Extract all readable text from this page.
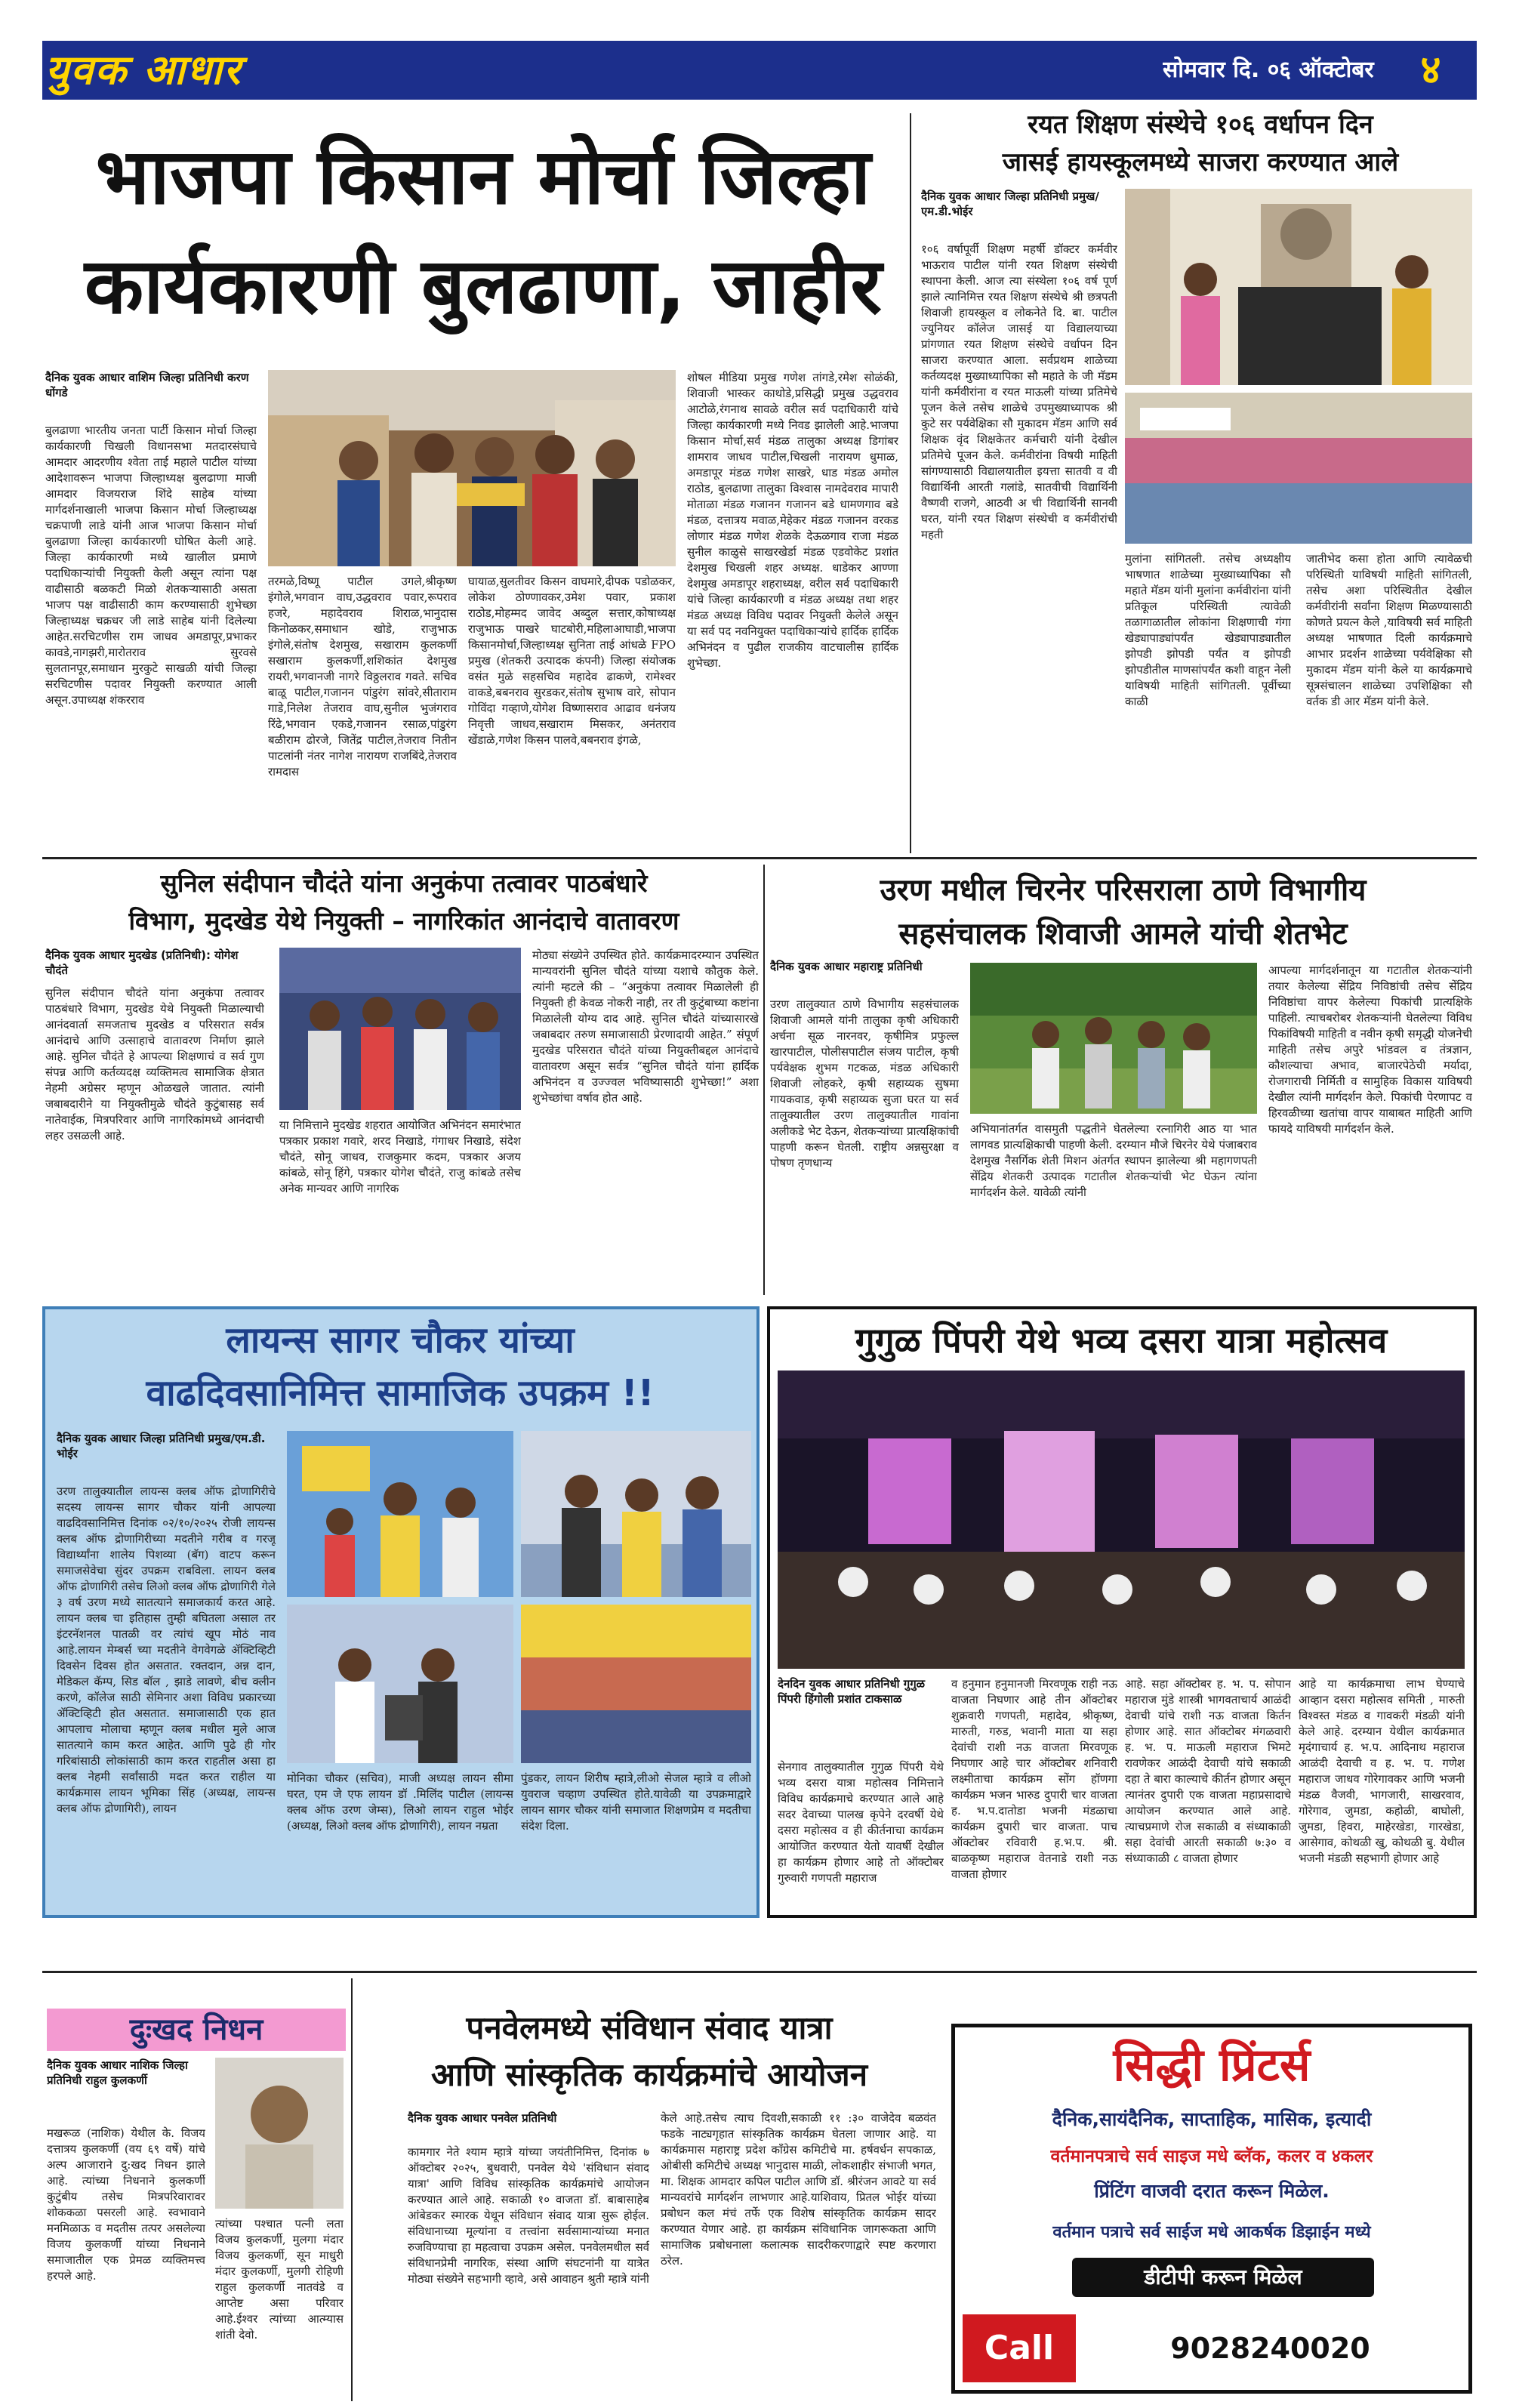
युवक आधार	सोमवार दि. ०६ ऑक्टोबर	४
भाजपा किसान मोर्चा जिल्हा
कार्यकारणी बुलढाणा, जाहीर
दैनिक युवक आधार वाशिम जिल्हा प्रतिनिधी करण धोंगडे
बुलढाणा भारतीय जनता पार्टी किसान मोर्चा जिल्हा कार्यकारणी चिखली विधानसभा मतदारसंघाचे आमदार आदरणीय श्वेता ताई महाले पाटील यांच्या आदेशावरून भाजपा जिल्हाध्यक्ष बुलढाणा माजी आमदार विजयराज शिंदे साहेब यांच्या मार्गदर्शनाखाली भाजपा किसान मोर्चा जिल्हाध्यक्ष चक्रपाणी लाडे यांनी आज भाजपा किसान मोर्चा बुलढाणा जिल्हा कार्यकारणी घोषित केली आहे. जिल्हा कार्यकारणी मध्ये खालील प्रमाणे पदाधिकाऱ्यांची नियुक्ती केली असून त्यांना पक्ष वाढीसाठी बळकटी मिळो शेतकऱ्यासाठी असता भाजप पक्ष वाढीसाठी काम करण्यासाठी शुभेच्छा जिल्हाध्यक्ष चक्रधर जी लाडे साहेब यांनी दिलेल्या आहेत.सरचिटणीस राम जाधव अमडापूर,प्रभाकर कावडे,नागझरी,मारोतराव सुरवसे सुलतानपूर,समाधान मुरकुटे साखळी यांची जिल्हा सरचिटणीस पदावर नियुक्ती करण्यात आली असून.उपाध्यक्ष शंकरराव
तरमळे,विष्णू पाटील उगले,श्रीकृष्ण इंगोले,भगवान वाघ,उद्धवराव पवार,रूपराव हजरे, महादेवराव शिराळ,भानुदास किनोळकर,समाधान खोडे, राजुभाऊ इंगोले,संतोष देशमुख, सखाराम कुलकर्णी सखाराम कुलकर्णी,शशिकांत देशमुख रायरी,भगवानजी नागरे विठ्ठलराव गवते. सचिव बाळू पाटील,गजानन पांडुरंग सांवरे,सीताराम गाडे,निलेश तेजराव वाघ,सुनील भुजंगराव रिंढे,भगवान एकडे,गजानन रसाळ,पांडुरंग बळीराम ढोरजे, जितेंद्र पाटील,तेजराव नितीन पाटलांनी नंतर नागेश नारायण राजबिंदे,तेजराव रामदास
घायाळ,सुलतीवर किसन वाघमारे,दीपक पडोळकर, लोकेश ठोण्णावकर,उमेश पवार, प्रकाश राठोड,मोहम्मद जावेद अब्दुल सत्तार,कोषाध्यक्ष राजुभाऊ पाखरे घाटबोरी,महिलाआघाडी,भाजपा किसानमोर्चा,जिल्हाध्यक्ष सुनिता ताई आंधळे FPO प्रमुख (शेतकरी उत्पादक कंपनी) जिल्हा संयोजक वसंत मुळे सहसचिव महादेव ढाकणे, रामेश्वर वाकडे,बबनराव सुरडकर,संतोष सुभाष वारे, सोपान गोविंदा गव्हाणे,योगेश विष्णासराव आढाव धनंजय निवृत्ती जाधव,सखाराम मिसकर, अनंतराव खेंडाळे,गणेश किसन पालवे,बबनराव इंगळे,
शोषल मीडिया प्रमुख गणेश तांगडे,रमेश सोळंकी, शिवाजी भास्कर काथोडे,प्रसिद्धी प्रमुख उद्धवराव आटोळे,रंगनाथ सावळे वरील सर्व पदाधिकारी यांचे जिल्हा कार्यकारणी मध्ये निवड झालेली आहे.भाजपा किसान मोर्चा,सर्व मंडळ तालुका अध्यक्ष डिगांबर शामराव जाधव पाटील,चिखली नारायण धुमाळ, अमडापूर मंडळ गणेश साखरे, धाड मंडळ अमोल राठोड, बुलढाणा तालुका विश्वास नामदेवराव मापारी मोताळा मंडळ गजानन गजानन बडे धामणगाव बडे मंडळ, दत्तात्रय मवाळ,मेहेकर मंडळ गजानन वरकड लोणार मंडळ गणेश शेळके देऊळगाव राजा मंडळ सुनील काळुसे साखरखेर्डा मंडळ एडवोकेट प्रशांत देशमुख चिखली शहर अध्यक्ष. धाडेकर आण्णा देशमुख अमडापूर शहराध्यक्ष, वरील सर्व पदाधिकारी यांचे जिल्हा कार्यकारणी व मंडळ अध्यक्ष तथा शहर मंडळ अध्यक्ष विविध पदावर नियुक्ती केलेले असून या सर्व पद नवनियुक्त पदाधिकाऱ्यांचे हार्दिक हार्दिक अभिनंदन व पुढील राजकीय वाटचालीस हार्दिक शुभेच्छा.
रयत शिक्षण संस्थेचे १०६ वर्धापन दिन
जासई हायस्कूलमध्ये साजरा करण्यात आले
दैनिक युवक आधार जिल्हा प्रतिनिधी प्रमुख/ एम.डी.भोईर
१०६ वर्षापूर्वी शिक्षण महर्षी डॉक्टर कर्मवीर भाऊराव पाटील यांनी रयत शिक्षण संस्थेची स्थापना केली. आज त्या संस्थेला १०६ वर्ष पूर्ण झाले त्यानिमित्त रयत शिक्षण संस्थेचे श्री छत्रपती शिवाजी हायस्कूल व लोकनेते दि. बा. पाटील ज्युनियर कॉलेज जासई या विद्यालयाच्या प्रांगणात रयत शिक्षण संस्थेचे वर्धापन दिन साजरा करण्यात आला. सर्वप्रथम शाळेच्या कर्तव्यदक्ष मुख्याध्यापिका सौ महाते के जी मॅडम यांनी कर्मवीरांना व रयत माऊली यांच्या प्रतिमेचे पूजन केले तसेच शाळेचे उपमुख्याध्यापक श्री कुटे सर पर्यवेक्षिका सौ मुकादम मॅडम आणि सर्व शिक्षक वृंद शिक्षकेतर कर्मचारी यांनी देखील प्रतिमेचे पूजन केले. कर्मवीरांना विषयी माहिती सांगण्यासाठी विद्यालयातील इयत्ता सातवी व वी विद्यार्थिनी आरती गलांडे, सातवीची विद्यार्थिनी वैष्णवी राजगे, आठवी अ ची विद्यार्थिनी सानवी घरत, यांनी रयत शिक्षण संस्थेची व कर्मवीरांची महती
मुलांना सांगितली. तसेच अध्यक्षीय भाषणात शाळेच्या मुख्याध्यापिका सौ महाते मॅडम यांनी मुलांना कर्मवीरांना यांनी प्रतिकूल परिस्थिती त्यावेळी तळागाळातील लोकांना शिक्षणाची गंगा खेड्यापाड्यांपर्यंत खेड्यापाड्यातील झोपडी झोपडी पर्यंत व झोपडी झोपडीतील माणसांपर्यंत कशी वाहून नेली याविषयी माहिती सांगितली. पूर्वीच्या काळी
जातीभेद कसा होता आणि त्यावेळची परिस्थिती याविषयी माहिती सांगितली, तसेच अशा परिस्थितीत देखील कर्मवीरांनी सर्वांना शिक्षण मिळण्यासाठी कोणते प्रयत्न केले ,याविषयी सर्व माहिती अध्यक्ष भाषणात दिली कार्यक्रमाचे आभार प्रदर्शन शाळेच्या पर्यवेक्षिका सौ मुकादम मॅडम यांनी केले या कार्यक्रमाचे सूत्रसंचालन शाळेच्या उपशिक्षिका सौ वर्तक डी आर मॅडम यांनी केले.
सुनिल संदीपान चौदंते यांना अनुकंपा तत्वावर पाठबंधारे
विभाग, मुदखेड येथे नियुक्ती – नागरिकांत आनंदाचे वातावरण
दैनिक युवक आधार मुदखेड (प्रतिनिधी): योगेश चौदंते
सुनिल संदीपान चौदंते यांना अनुकंपा तत्वावर पाठबंधारे विभाग, मुदखेड येथे नियुक्ती मिळाल्याची आनंदवार्ता समजताच मुदखेड व परिसरात सर्वत्र आनंदाचे आणि उत्साहाचे वातावरण निर्माण झाले आहे. सुनिल चौदंते हे आपल्या शिक्षणाचं व सर्व गुण संपन्न आणि कर्तव्यदक्ष व्यक्तिमत्व सामाजिक क्षेत्रात नेहमी अग्रेसर म्हणून ओळखले जातात. त्यांनी जबाबदारीने या नियुक्तीमुळे चौदंते कुटुंबासह सर्व नातेवाईक, मित्रपरिवार आणि नागरिकांमध्ये आनंदाची लहर उसळली आहे.
या निमित्ताने मुदखेड शहरात आयोजित अभिनंदन समारंभात पत्रकार प्रकाश गवारे, शरद निखाडे, गंगाधर निखाडे, संदेश चौदंते, सोनू जाधव, राजकुमार कदम, पत्रकार अजय कांबळे, सोनू हिंगे, पत्रकार योगेश चौदंते, राजु कांबळे तसेच अनेक मान्यवर आणि नागरिक
मोठ्या संख्येने उपस्थित होते. कार्यक्रमादरम्यान उपस्थित मान्यवरांनी सुनिल चौदंते यांच्या यशाचे कौतुक केले. त्यांनी म्हटले की – “अनुकंपा तत्वावर मिळालेली ही नियुक्ती ही केवळ नोकरी नाही, तर ती कुटुंबाच्या कष्टांना मिळालेली योग्य दाद आहे. सुनिल चौदंते यांच्यासारखे जबाबदार तरुण समाजासाठी प्रेरणादायी आहेत.” संपूर्ण मुदखेड परिसरात चौदंते यांच्या नियुक्तीबद्दल आनंदाचे वातावरण असून सर्वत्र “सुनिल चौदंते यांना हार्दिक अभिनंदन व उज्ज्वल भविष्यासाठी शुभेच्छा!” अशा शुभेच्छांचा वर्षाव होत आहे.
उरण मधील चिरनेर परिसराला ठाणे विभागीय
सहसंचालक शिवाजी आमले यांची शेतभेट
दैनिक युवक आधार महाराष्ट्र प्रतिनिधी
उरण तालुक्यात ठाणे विभागीय सहसंचालक शिवाजी आमले यांनी तालुका कृषी अधिकारी अर्चना सूळ नारनवर, कृषीमित्र प्रफुल्ल खारपाटील, पोलीसपाटील संजय पाटील, कृषी पर्यवेक्षक शुभम गटकळ, मंडळ अधिकारी शिवाजी लोहकरे, कृषी सहाय्यक सुषमा गायकवाड, कृषी सहाय्यक सुजा घरत या सर्व तालुक्यातील उरण तालुक्यातील गावांना अलीकडे भेट देऊन, शेतकऱ्यांच्या प्रात्यक्षिकांची पाहणी करून घेतली. राष्ट्रीय अन्नसुरक्षा व पोषण तृणधान्य
अभियानांतर्गत वासमुती पद्धतीने घेतलेल्या रत्नागिरी आठ या भात लागवड प्रात्यक्षिकाची पाहणी केली. दरम्यान मौजे चिरनेर येथे पंजाबराव देशमुख नैसर्गिक शेती मिशन अंतर्गत स्थापन झालेल्या श्री महागणपती सेंद्रिय शेतकरी उत्पादक गटातील शेतकऱ्यांची भेट घेऊन त्यांना मार्गदर्शन केले. यावेळी त्यांनी
आपल्या मार्गदर्शनातून या गटातील शेतकऱ्यांनी तयार केलेल्या सेंद्रिय निविष्ठांची तसेच सेंद्रिय निविष्ठांचा वापर केलेल्या पिकांची प्रात्यक्षिके पाहिली. त्याचबरोबर शेतकऱ्यांनी घेतलेल्या विविध पिकांविषयी माहिती व नवीन कृषी समृद्धी योजनेची माहिती तसेच अपुरे भांडवल व तंत्रज्ञान, कौशल्याचा अभाव, बाजारपेठेची मर्यादा, रोजगाराची निर्मिती व सामुहिक विकास याविषयी देखील त्यांनी मार्गदर्शन केले. पिकांची पेरणापट व हिरवळीच्या खतांचा वापर याबाबत माहिती आणि फायदे याविषयी मार्गदर्शन केले.
लायन्स सागर चौकर यांच्या
वाढदिवसानिमित्त सामाजिक उपक्रम !!
दैनिक युवक आधार जिल्हा प्रतिनिधी प्रमुख/एम.डी. भोईर
उरण तालुक्यातील लायन्स क्लब ऑफ द्रोणागिरीचे सदस्य लायन्स सागर चौकर यांनी आपल्या वाढदिवसानिमित्त दिनांक ०२/१०/२०२५ रोजी लायन्स क्लब ऑफ द्रोणागिरीच्या मदतीने गरीब व गरजू विद्यार्थ्यांना शालेय पिशव्या (बॅग) वाटप करून समाजसेवेचा सुंदर उपक्रम राबविला. लायन क्लब ऑफ द्रोणागिरी तसेच लिओ क्लब ऑफ द्रोणागिरी गेले ३ वर्ष उरण मध्ये सातत्याने समाजकार्य करत आहे. लायन क्लब चा इतिहास तुम्ही बघितला असाल तर इंटरनॅशनल पातळी वर त्यांचं खूप मोठं नाव आहे.लायन मेम्बर्स च्या मदतीने वेगवेगळे ॲक्टिव्हिटी दिवसेन दिवस होत असतात. रक्तदान, अन्न दान, मेडिकल कॅम्प, सिड बॉल , झाडे लावणे, बीच क्लीन करणे, कॉलेज साठी सेमिनार अशा विविध प्रकारच्या ॲक्टिव्हिटी होत असतात. समाजासाठी एक हात आपलाच मोलाचा म्हणून क्लब मधील मुले आज सातत्याने काम करत आहेत. आणि पुढे ही गोर गरिबांसाठी लोकांसाठी काम करत राहतील असा हा क्लब नेहमी सर्वांसाठी मदत करत राहील या कार्यक्रमास लायन भूमिका सिंह (अध्यक्ष, लायन्स क्लब ऑफ द्रोणागिरी), लायन
मोनिका चौकर (सचिव), माजी अध्यक्ष लायन सीमा घरत, एम जे एफ लायन डॉ .मिलिंद पाटील (लायन्स क्लब ऑफ उरण जेम्स), लिओ लायन राहुल भोईर (अध्यक्ष, लिओ क्लब ऑफ द्रोणागिरी), लायन नम्रता
पुंडकर, लायन शिरीष म्हात्रे,लीओ सेजल म्हात्रे व लीओ युवराज चव्हाण उपस्थित होते.यावेळी या उपक्रमाद्वारे लायन सागर चौकर यांनी समाजात शिक्षणप्रेम व मदतीचा संदेश दिला.
गुगुळ पिंपरी येथे भव्य दसरा यात्रा महोत्सव
देनदिन युवक आधार प्रतिनिधी गुगुळ पिंपरी हिंगोली प्रशांत टाकसाळ
सेनगाव तालुक्यातील गुगुळ पिंपरी येथे भव्य दसरा यात्रा महोत्सव निमित्ताने विविध कार्यक्रमाचे करण्यात आले आहे सदर देवाच्या पालख कृपेने दरवर्षी येथे दसरा महोत्सव व ही कीर्तनाचा कार्यक्रम आयोजित करण्यात येतो यावर्षी देखील हा कार्यक्रम होणार आहे तो ऑक्टोबर गुरुवारी गणपती महाराज
व हनुमान हनुमानजी मिरवणूक राही नऊ वाजता निघणार आहे तीन ऑक्टोबर शुक्रवारी गणपती, महादेव, श्रीकृष्ण, मारुती, गरुड, भवानी माता या सहा देवांची राशी नऊ वाजता मिरवणूक निघणार आहे चार ऑक्टोबर शनिवारी लक्ष्मीताचा कार्यक्रम सोंग हॉणगा कार्यक्रम भजन भारुड दुपारी चार वाजता ह. भ.प.दातोडा भजनी मंडळाचा कार्यक्रम दुपारी चार वाजता. पाच ऑक्टोबर रविवारी ह.भ.प. श्री. बाळकृष्ण महाराज वेतनाडे राशी नऊ वाजता होणार
आहे. सहा ऑक्टोबर ह. भ. प. सोपान महाराज मुंडे शास्त्री भागवताचार्य आळंदी देवाची यांचे राशी नऊ वाजता किर्तन होणार आहे. सात ऑक्टोबर मंगळवारी ह. भ. प. माऊली महाराज भिमटे रावणेकर आळंदी देवाची यांचे सकाळी दहा ते बारा काल्याचे कीर्तन होणार असून त्यानंतर दुपारी एक वाजता महाप्रसादाचे आयोजन करण्यात आले आहे. त्याचप्रमाणे रोज सकाळी व संध्याकाळी सहा देवांची आरती सकाळी ७:३० व संध्याकाळी ८ वाजता होणार
आहे या कार्यक्रमाचा लाभ घेण्याचे आव्हान दसरा महोत्सव समिती , मारुती विश्वस्त मंडळ व गावकरी मंडळी यांनी केले आहे. दरम्यान येथील कार्यक्रमात मृदंगाचार्य ह. भ.प. आदिनाथ महाराज आळंदी देवाची व ह. भ. प. गणेश महाराज जाधव गोरेगावकर आणि भजनी मंडळ वैजवी, भागजारी, साखरवाव, गोरेगाव, जुमडा, कहोळी, बाघोली, जुमडा, हिवरा, माहेरखेडा, गारखेडा, आसेगाव, कोथळी खु, कोथळी बु. येथील भजनी मंडळी सहभागी होणार आहे
दुःखद निधन
दैनिक युवक आधार नाशिक जिल्हा प्रतिनिधी राहुल कुलकर्णी
मखरूळ (नाशिक) येथील के. विजय दत्तात्रय कुलकर्णी (वय ६९ वर्षे) यांचे अल्प आजाराने दु:खद निधन झाले आहे. त्यांच्या निधनाने कुलकर्णी कुटुंबीय तसेच मित्रपरिवारावर शोककळा पसरली आहे. स्वभावाने मनमिळाऊ व मदतीस तत्पर असलेल्या विजय कुलकर्णी यांच्या निधनाने समाजातील एक प्रेमळ व्यक्तिमत्त्व हरपले आहे.
त्यांच्या पश्चात पत्नी लता विजय कुलकर्णी, मुलगा मंदार विजय कुलकर्णी, सून माधुरी मंदार कुलकर्णी, मुलगी रोहिणी राहुल कुलकर्णी नातवंडे व आप्तेष्ट असा परिवार आहे.ईश्वर त्यांच्या आत्म्यास शांती देवो.
पनवेलमध्ये संविधान संवाद यात्रा
आणि सांस्कृतिक कार्यक्रमांचे आयोजन
दैनिक युवक आधार पनवेल प्रतिनिधी
कामगार नेते श्याम म्हात्रे यांच्या जयंतीनिमित्त, दिनांक ७ ऑक्टोबर २०२५, बुधवारी, पनवेल येथे 'संविधान संवाद यात्रा' आणि विविध सांस्कृतिक कार्यक्रमांचे आयोजन करण्यात आले आहे. सकाळी १० वाजता डॉ. बाबासाहेब आंबेडकर स्मारक येथून संविधान संवाद यात्रा सुरू होईल. संविधानाच्या मूल्यांना व तत्त्वांना सर्वसामान्यांच्या मनात रुजविण्याचा हा महत्वाचा उपक्रम असेल. पनवेलमधील सर्व संविधानप्रेमी नागरिक, संस्था आणि संघटनांनी या यात्रेत मोठ्या संख्येने सहभागी व्हावे, असे आवाहन श्रुती म्हात्रे यांनी
केले आहे.तसेच त्याच दिवशी,सकाळी ११ :३० वाजेदेव बळवंत फडके नाट्यगृहात सांस्कृतिक कार्यक्रम घेतला जाणार आहे. या कार्यक्रमास महाराष्ट्र प्रदेश काँग्रेस कमिटीचे मा. हर्षवर्धन सपकाळ, ओबीसी कमिटीचे अध्यक्ष भानुदास माळी, लोकशाहीर संभाजी भगत, मा. शिक्षक आमदार कपिल पाटील आणि डॉ. श्रीरंजन आवटे या सर्व मान्यवरांचे मार्गदर्शन लाभणार आहे.याशिवाय, प्रितल भोईर यांच्या प्रबोधन कल मंचं तर्फे एक विशेष सांस्कृतिक कार्यक्रम सादर करण्यात येणार आहे. हा कार्यक्रम संविधानिक जागरूकता आणि सामाजिक प्रबोधनाला कलात्मक सादरीकरणाद्वारे स्पष्ट करणारा ठरेल.
सिद्धी प्रिंटर्स
दैनिक,सायंदैनिक, साप्ताहिक, मासिक, इत्यादी
वर्तमानपत्राचे सर्व साइज मधे ब्लॅक, कलर व ४कलर
प्रिंटिंग वाजवी दरात करून मिळेल.
वर्तमान पत्राचे सर्व साईज मधे आकर्षक डिझाईन मध्ये
डीटीपी करून मिळेल
Call	9028240020
